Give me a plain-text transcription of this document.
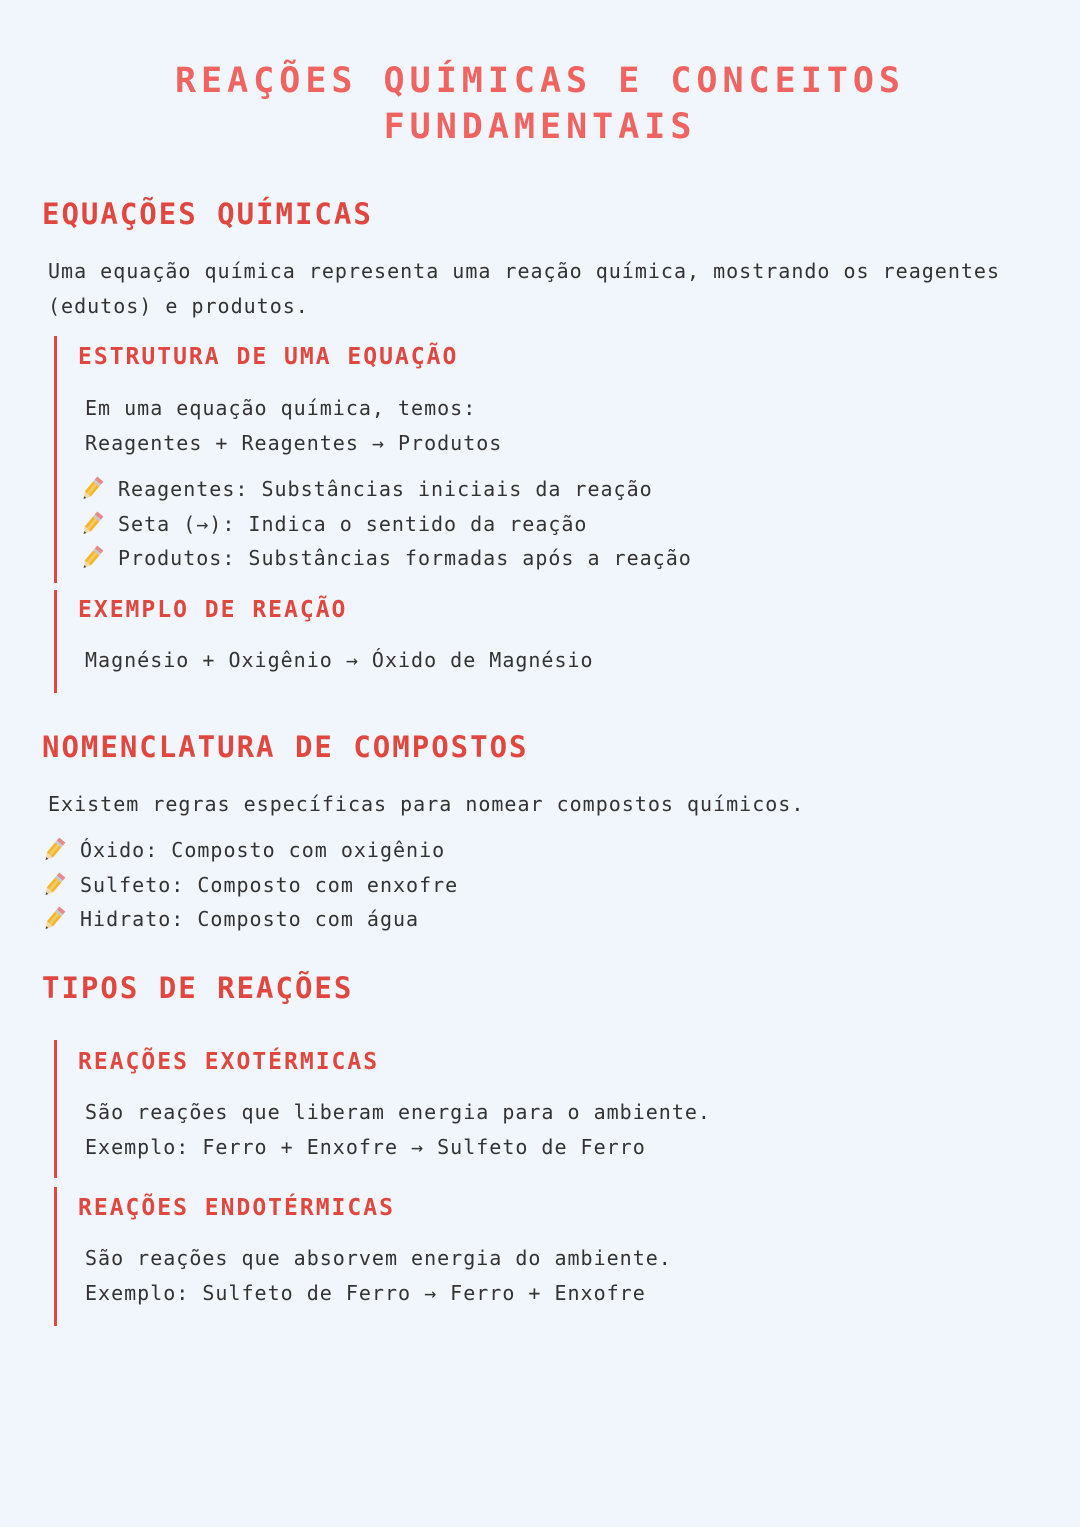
REAÇÕES QUÍMICAS E CONCEITOS
FUNDAMENTAIS
EQUAÇÕES QUÍMICAS
Uma equação química representa uma reação química, mostrando os reagentes
(edutos) e produtos.
ESTRUTURA DE UMA EQUAÇÃO

Em uma equação química, temos:

Reagentes + Reagentes → Produtos

Reagentes: Substâncias iniciais da reação
Seta (→): Indica o sentido da reação
Produtos: Substâncias formadas após a reação
EXEMPLO DE REAÇÃO

Magnésio + Oxigênio → Óxido de Magnésio

NOMENCLATURA DE COMPOSTOS

Existem regras específicas para nomear compostos químicos.

Óxido: Composto com oxigênio
Sulfeto: Composto com enxofre
Hidrato: Composto com água
TIPOS DE REAÇÕES
REAÇÕES EXOTÉRMICAS

São reações que liberam energia para o ambiente.

Exemplo: Ferro + Enxofre → Sulfeto de Ferro

REAÇÕES ENDOTÉRMICAS

São reações que absorvem energia do ambiente.

Exemplo: Sulfeto de Ferro → Ferro + Enxofre
